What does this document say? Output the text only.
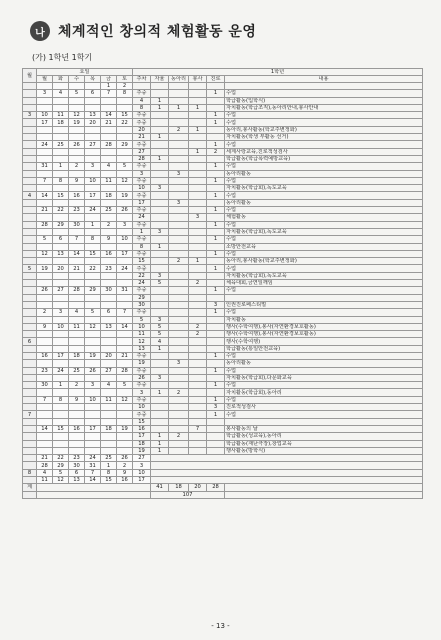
나 체계적인 창의적 체험활동 운영
(가) 1학년 1학기
월	요일						1학년					
	월	화	수	목	금	토	주차	자율	동아리	봉사	진로	내용
					1	2						
	3	4	5	6	7	8	주중				1	수업
							4	1				학급활동(입학식)
							8	1	1	1		자치활동(학급조직),동아리안내,봉사안내
3	10	11	12	13	14	15	주중				1	수업
	17	18	19	20	21	22	주중				1	수업
							20		2	1		동아리,봉사활동(학교주변정화)
							21	1				자치활동(학생 부활동 선거)
	24	25	26	27	28	29	주중				1	수업
							27			1	2	세계사랑교육,진로적성검사
							28	1				학급활동(학급폭력예방교육)
	31	1	2	3	4	5	주중				1	수업
							3		3			동아리활동
	7	8	9	10	11	12	주중				1	수업
							10	3				자치활동(학급회),독도교육
4	14	15	16	17	18	19	주중				1	수업
							17		3			동아리활동
	21	22	23	24	25	26	주중				1	수업
							24			3		체험활동
	28	29	30	1	2	3	주중				1	수업
							1	3				자치활동(학급회),독도교육
	5	6	7	8	9	10	주중				1	수업
							8	1				소방안전교육
	12	13	14	15	16	17	주중				1	수업
							15		2	1		동아리,봉사활동(학교주변정화)
5	19	20	21	22	23	24	주중				1	수업
							22	3				자치활동(학급회),독도교육
							24	5		2		체육대회,금연일깨임
	26	27	28	29	30	31	주중				1	수업
							29					
							30				3	인권진로페스티벌
	2	3	4	5	6	7	주중				1	수업
							5	3				자치활동
	9	10	11	12	13	14	10	5		2		행사(수학여행),봉사(자연환경보호활동)
							11	5		2		행사(수학여행),봉사(자연환경보호활동)
6							12	4				행사(수학여행)
							13	1				학급활동(통일안전교육)
	16	17	18	19	20	21	주중				1	수업
							19		3			동아리활동
	23	24	25	26	27	28	주중				1	수업
							26	3				자치활동(학급회),다문화교육
	30	1	2	3	4	5	주중				1	수업
							3	1	2			자치활동(학급회),동아리
	7	8	9	10	11	12	주중				1	수업
							10				3	진로적성검사
7							주중				1	수업
							15					
	14	15	16	17	18	19	16			7		봉사활동의 날
							17	1	2			학급활동(성교육),동아리
							18	1				학급활동(재난극장),창업교육
							19	1				행사활동(방학식)
	21	22	23	24	25	26	27					
	28	29	30	31	1	2	3					
8	4	5	6	7	8	9	10					
	11	12	13	14	15	16	17					
계								41	18	20	28	
								107				
- 13 -
